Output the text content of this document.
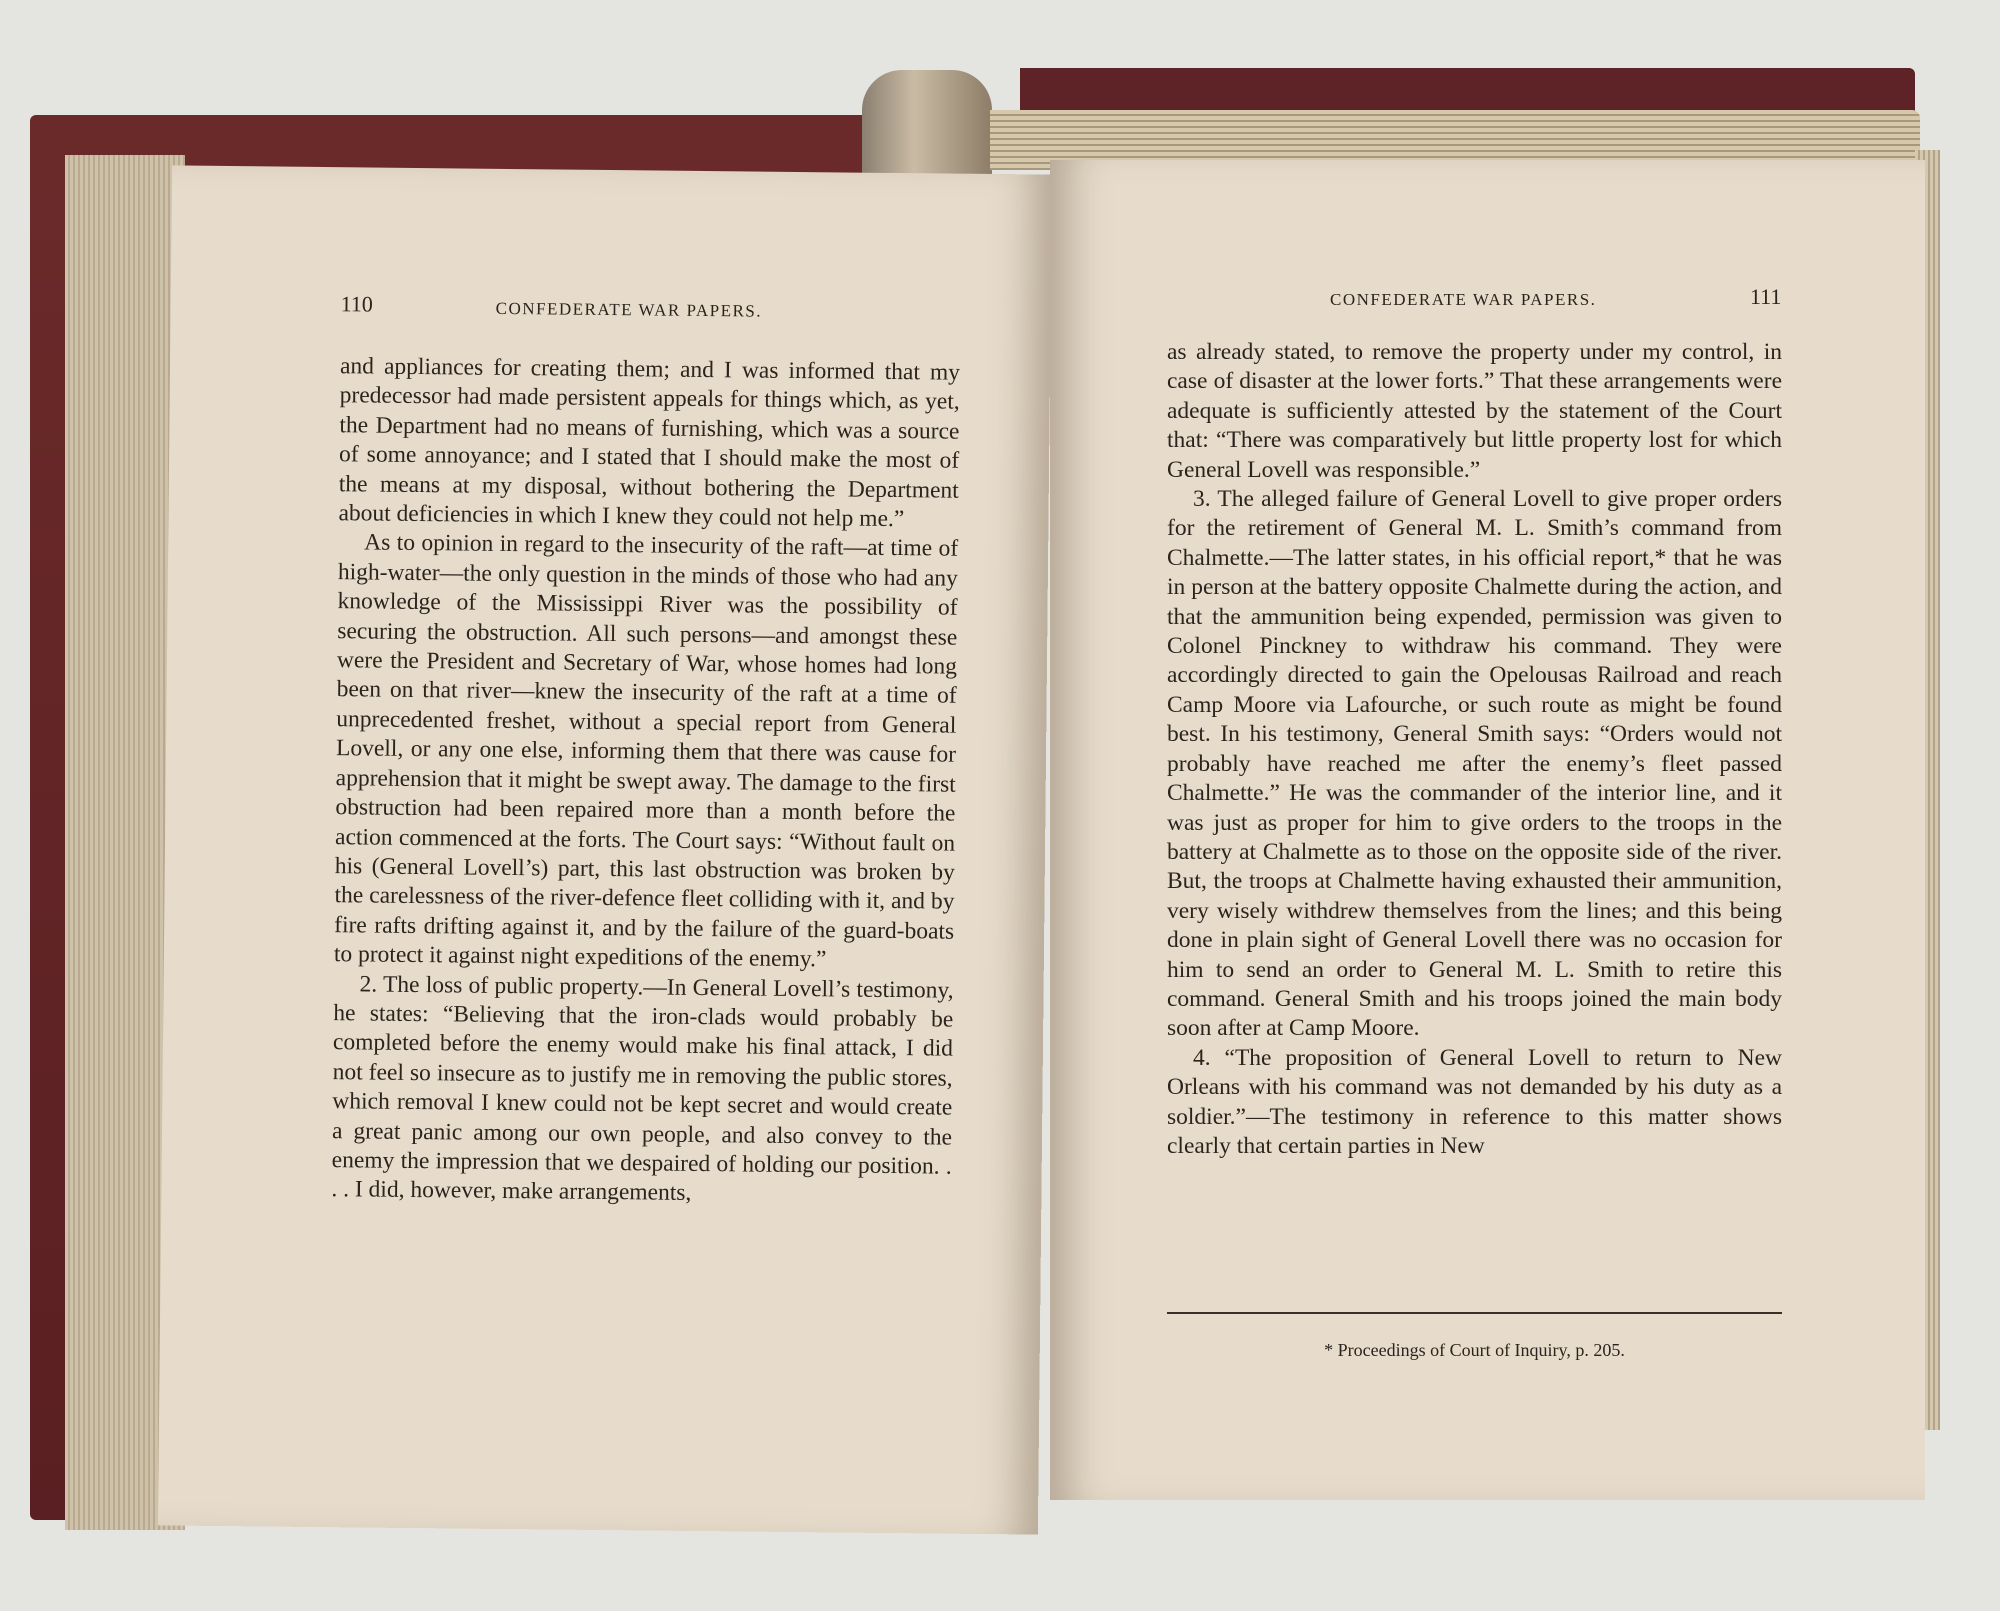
110	CONFEDERATE WAR PAPERS.

and appliances for creating them; and I was informed that my predecessor had made persistent appeals for things which, as yet, the Department had no means of furnishing, which was a source of some annoyance; and I stated that I should make the most of the means at my disposal, without bothering the Department about deficiencies in which I knew they could not help me.”

As to opinion in regard to the insecurity of the raft—at time of high-water—the only question in the minds of those who had any knowledge of the Mississippi River was the possibility of securing the obstruction. All such persons—and amongst these were the President and Secretary of War, whose homes had long been on that river—knew the insecurity of the raft at a time of unprecedented freshet, without a special report from General Lovell, or any one else, informing them that there was cause for apprehension that it might be swept away. The damage to the first obstruction had been repaired more than a month before the action commenced at the forts. The Court says: “Without fault on his (General Lovell’s) part, this last obstruction was broken by the carelessness of the river-defence fleet colliding with it, and by fire rafts drifting against it, and by the failure of the guard-boats to protect it against night expeditions of the enemy.”

2. The loss of public property.—In General Lovell’s testimony, he states: “Believing that the iron-clads would probably be completed before the enemy would make his final attack, I did not feel so insecure as to justify me in removing the public stores, which removal I knew could not be kept secret and would create a great panic among our own people, and also convey to the enemy the impression that we despaired of holding our position. . . . I did, however, make arrangements,

CONFEDERATE WAR PAPERS.	111

as already stated, to remove the property under my control, in case of disaster at the lower forts.” That these arrangements were adequate is sufficiently attested by the statement of the Court that: “There was comparatively but little property lost for which General Lovell was responsible.”

3. The alleged failure of General Lovell to give proper orders for the retirement of General M. L. Smith’s command from Chalmette.—The latter states, in his official report,* that he was in person at the battery opposite Chalmette during the action, and that the ammunition being expended, permission was given to Colonel Pinckney to withdraw his command. They were accordingly directed to gain the Opelousas Railroad and reach Camp Moore via Lafourche, or such route as might be found best. In his testimony, General Smith says: “Orders would not probably have reached me after the enemy’s fleet passed Chalmette.” He was the commander of the interior line, and it was just as proper for him to give orders to the troops in the battery at Chalmette as to those on the opposite side of the river. But, the troops at Chalmette having exhausted their ammunition, very wisely withdrew themselves from the lines; and this being done in plain sight of General Lovell there was no occasion for him to send an order to General M. L. Smith to retire this command. General Smith and his troops joined the main body soon after at Camp Moore.

4. “The proposition of General Lovell to return to New Orleans with his command was not demanded by his duty as a soldier.”—The testimony in reference to this matter shows clearly that certain parties in New

* Proceedings of Court of Inquiry, p. 205.
